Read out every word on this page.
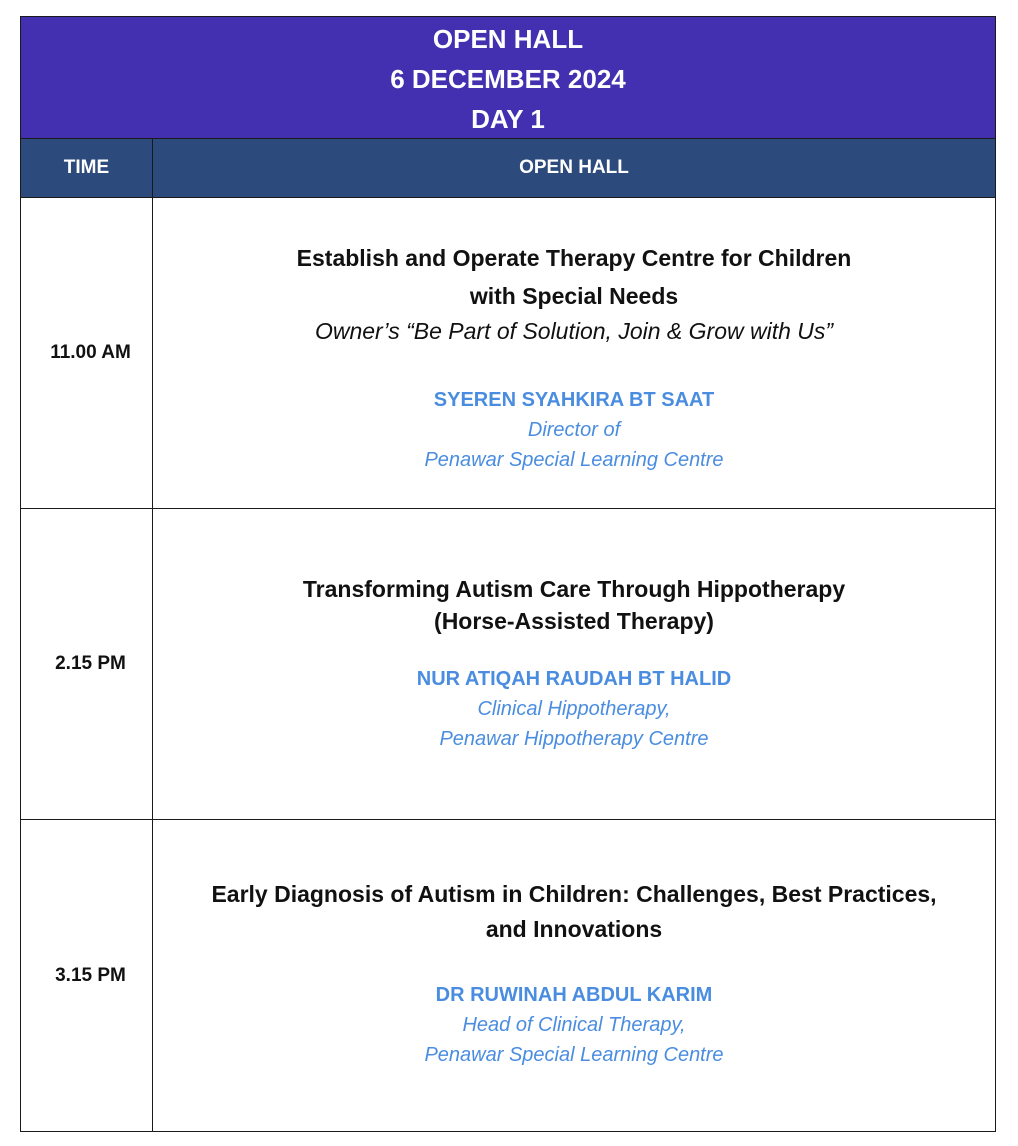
OPEN HALL
6 DECEMBER 2024
DAY 1
TIME	OPEN HALL
11.00 AM
Establish and Operate Therapy Centre for Children
with Special Needs
Owner’s “Be Part of Solution, Join & Grow with Us”
SYEREN SYAHKIRA BT SAAT
Director of
Penawar Special Learning Centre
2.15 PM
Transforming Autism Care Through Hippotherapy
(Horse-Assisted Therapy)
NUR ATIQAH RAUDAH BT HALID
Clinical Hippotherapy,
Penawar Hippotherapy Centre
3.15 PM
Early Diagnosis of Autism in Children: Challenges, Best Practices,
and Innovations
DR RUWINAH ABDUL KARIM
Head of Clinical Therapy,
Penawar Special Learning Centre
